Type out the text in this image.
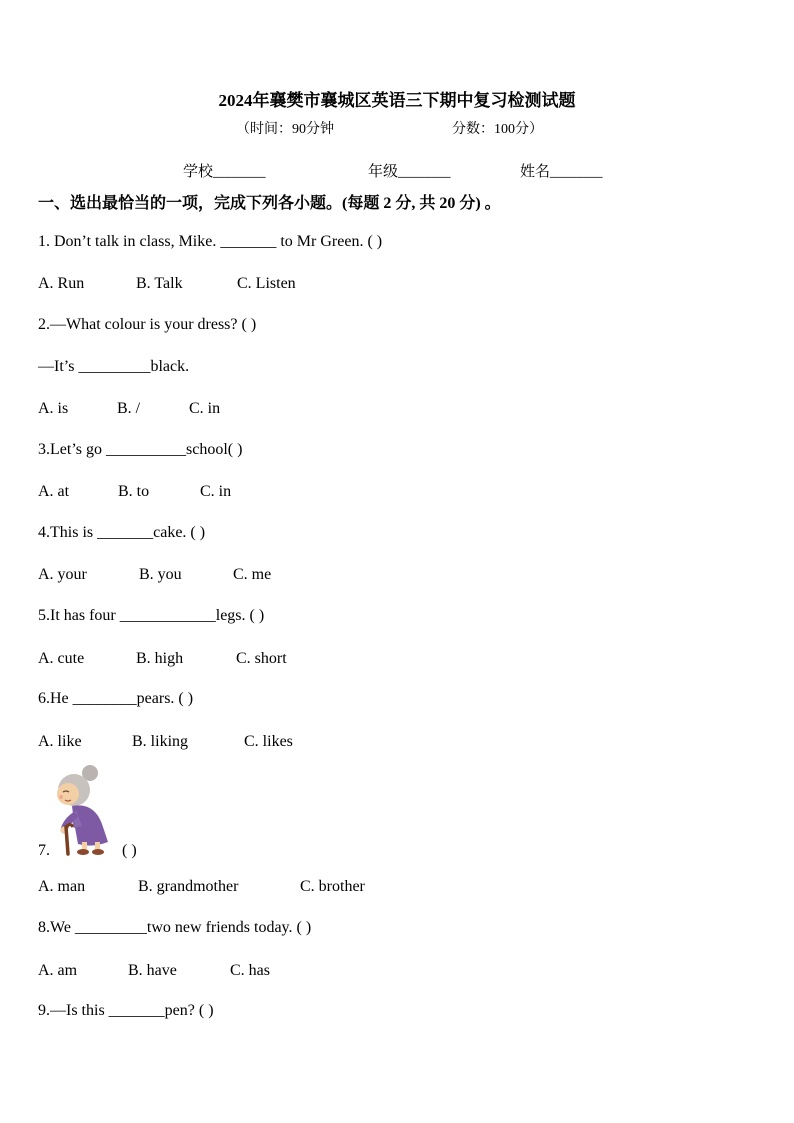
2024年襄樊市襄城区英语三下期中复习检测试题
（时间：90分钟	分数：100分）
学校_______	年级_______	姓名_______
一、选出最恰当的一项，完成下列各小题。(每题 2 分, 共 20 分) 。
1. Don’t talk in class, Mike. _______ to Mr Green. ( )
A. Run	B. Talk	C. Listen
2.—What colour is your dress? ( )
—It’s _________black.
A. is	B. /	C. in
3.Let’s go __________school( )
A. at	B. to	C. in
4.This is _______cake. ( )
A. your	B. you	C. me
5.It has four ____________legs. ( )
A. cute	B. high	C. short
6.He ________pears. ( )
A. like	B. liking	C. likes
7.	( )
A. man	B. grandmother	C. brother
8.We _________two new friends today. ( )
A. am	B. have	C. has
9.—Is this _______pen? ( )
